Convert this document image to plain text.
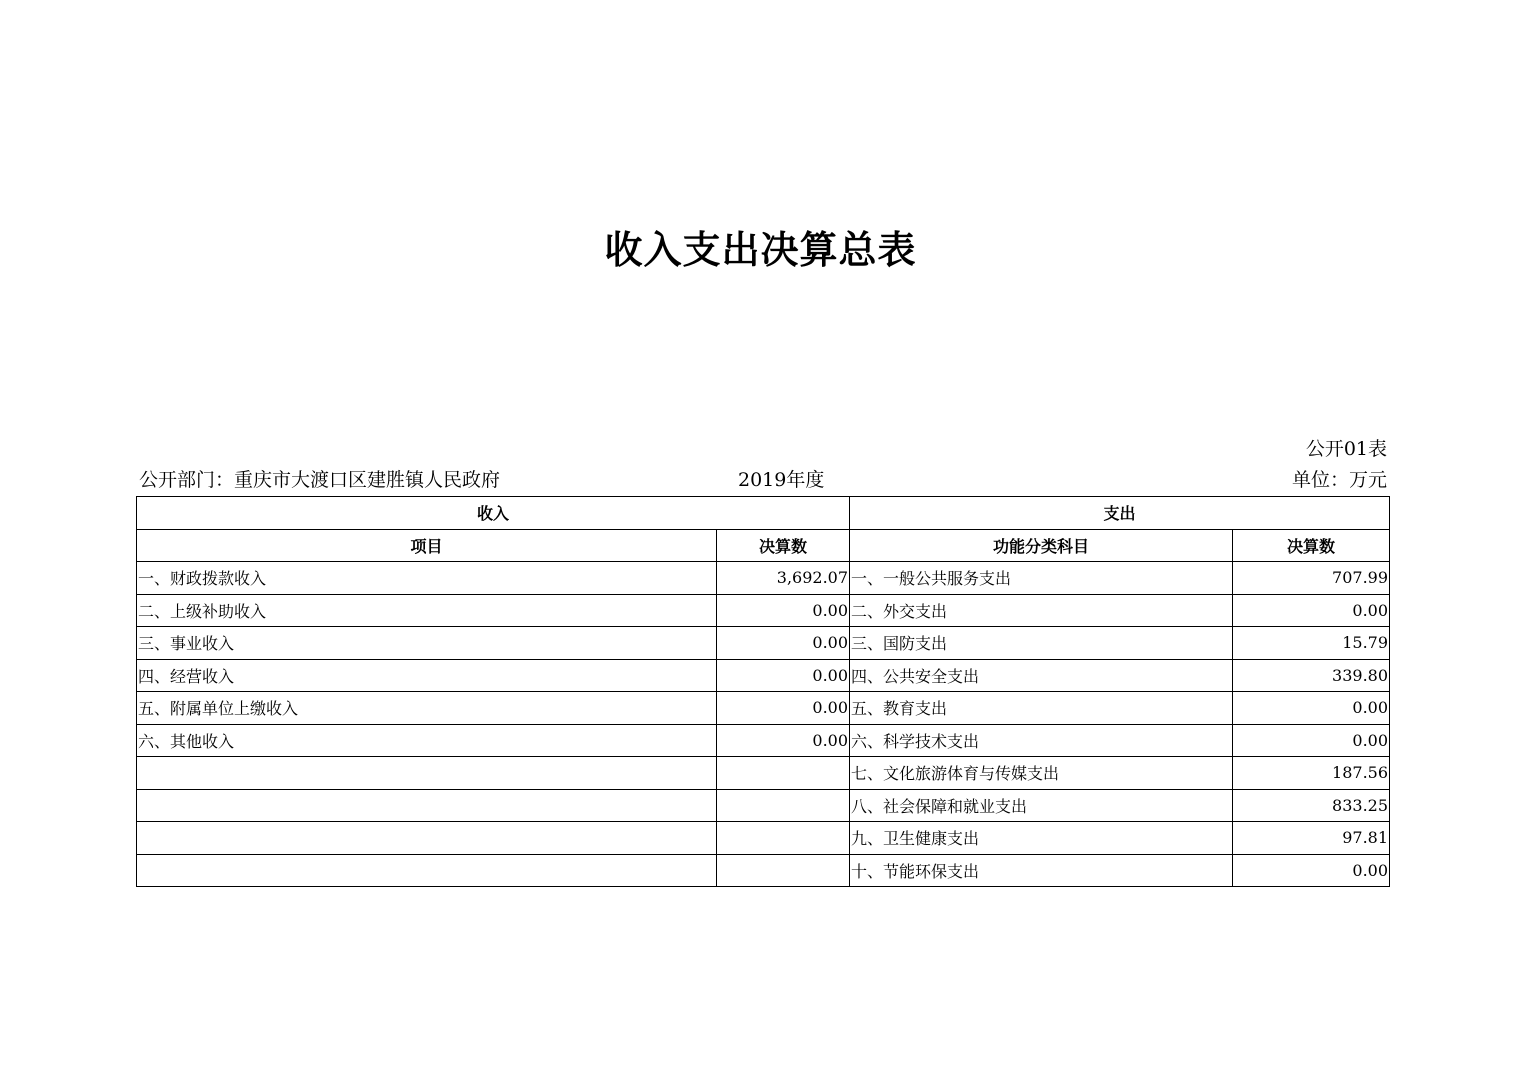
收入支出决算总表
公开01表
公开部门：重庆市大渡口区建胜镇人民政府	2019年度	单位：万元
收入		支出	
项目	决算数	功能分类科目	决算数
一、财政拨款收入	3,692.07	一、一般公共服务支出	707.99
二、上级补助收入	0.00	二、外交支出	0.00
三、事业收入	0.00	三、国防支出	15.79
四、经营收入	0.00	四、公共安全支出	339.80
五、附属单位上缴收入	0.00	五、教育支出	0.00
六、其他收入	0.00	六、科学技术支出	0.00
		七、文化旅游体育与传媒支出	187.56
		八、社会保障和就业支出	833.25
		九、卫生健康支出	97.81
		十、节能环保支出	0.00
